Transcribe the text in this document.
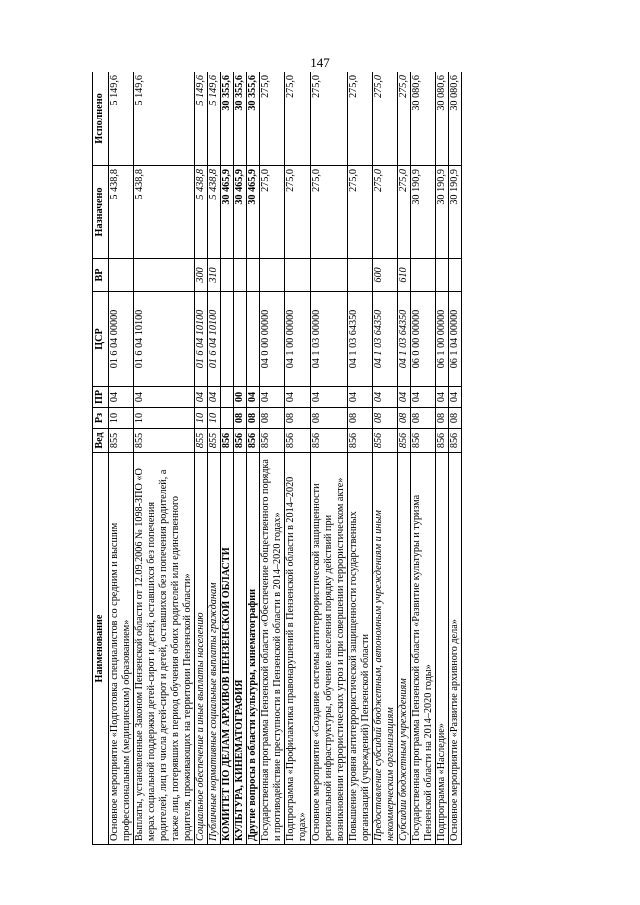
147
Наименование	Вед	Рз	ПР	ЦСР	ВР	Назначено	Исполнено
Основное мероприятие «Подготовка специалистов со средним и высшим профессиональным (медицинским) образованием»	855	10	04	01 6 04 00000		5 438,8	5 149,6
Выплаты, установленные Законом Пензенской области от 12.09.2006 № 1098-ЗПО «О мерах социальной поддержки детей-сирот и детей, оставшихся без попечения родителей, лиц из числа детей-сирот и детей, оставшихся без попечения родителей, а также лиц, потерявших в период обучения обоих родителей или единственного родителя, проживающих на территории Пензенской области»	855	10	04	01 6 04 10100		5 438,8	5 149,6
Социальное обеспечение и иные выплаты населению	855	10	04	01 6 04 10100	300	5 438,8	5 149,6
Публичные нормативные социальные выплаты гражданам	855	10	04	01 6 04 10100	310	5 438,8	5 149,6
КОМИТЕТ ПО ДЕЛАМ АРХИВОВ ПЕНЗЕНСКОЙ ОБЛАСТИ	856					30 465,9	30 355,6
КУЛЬТУРА, КИНЕМАТОГРАФИЯ	856	08	00			30 465,9	30 355,6
Другие вопросы в области культуры, кинематографии	856	08	04			30 465,9	30 355,6
Государственная программа Пензенской области «Обеспечение общественного порядка и противодействие преступности в Пензенской области в 2014–2020 годах»	856	08	04	04 0 00 00000		275,0	275,0
Подпрограмма «Профилактика правонарушений в Пензенской области в 2014–2020 годах»	856	08	04	04 1 00 00000		275,0	275,0
Основное мероприятие «Создание системы антитеррористической защищенности региональной инфраструктуры, обучение населения порядку действий при возникновении террористических угроз и при совершении террористическом акте»	856	08	04	04 1 03 00000		275,0	275,0
Повышение уровня антитеррористической защищенности государственных организаций (учреждений) Пензенской области	856	08	04	04 1 03 64350		275,0	275,0
Предоставление субсидий бюджетным, автономным учреждениям и иным некоммерческим организациям	856	08	04	04 1 03 64350	600	275,0	275,0
Субсидии бюджетным учреждениям	856	08	04	04 1 03 64350	610	275,0	275,0
Государственная программа Пензенской области «Развитие культуры и туризма Пензенской области на 2014–2020 годы»	856	08	04	06 0 00 00000		30 190,9	30 080,6
Подпрограмма «Наследие»	856	08	04	06 1 00 00000		30 190,9	30 080,6
Основное мероприятие «Развитие архивного дела»	856	08	04	06 1 04 00000		30 190,9	30 080,6
